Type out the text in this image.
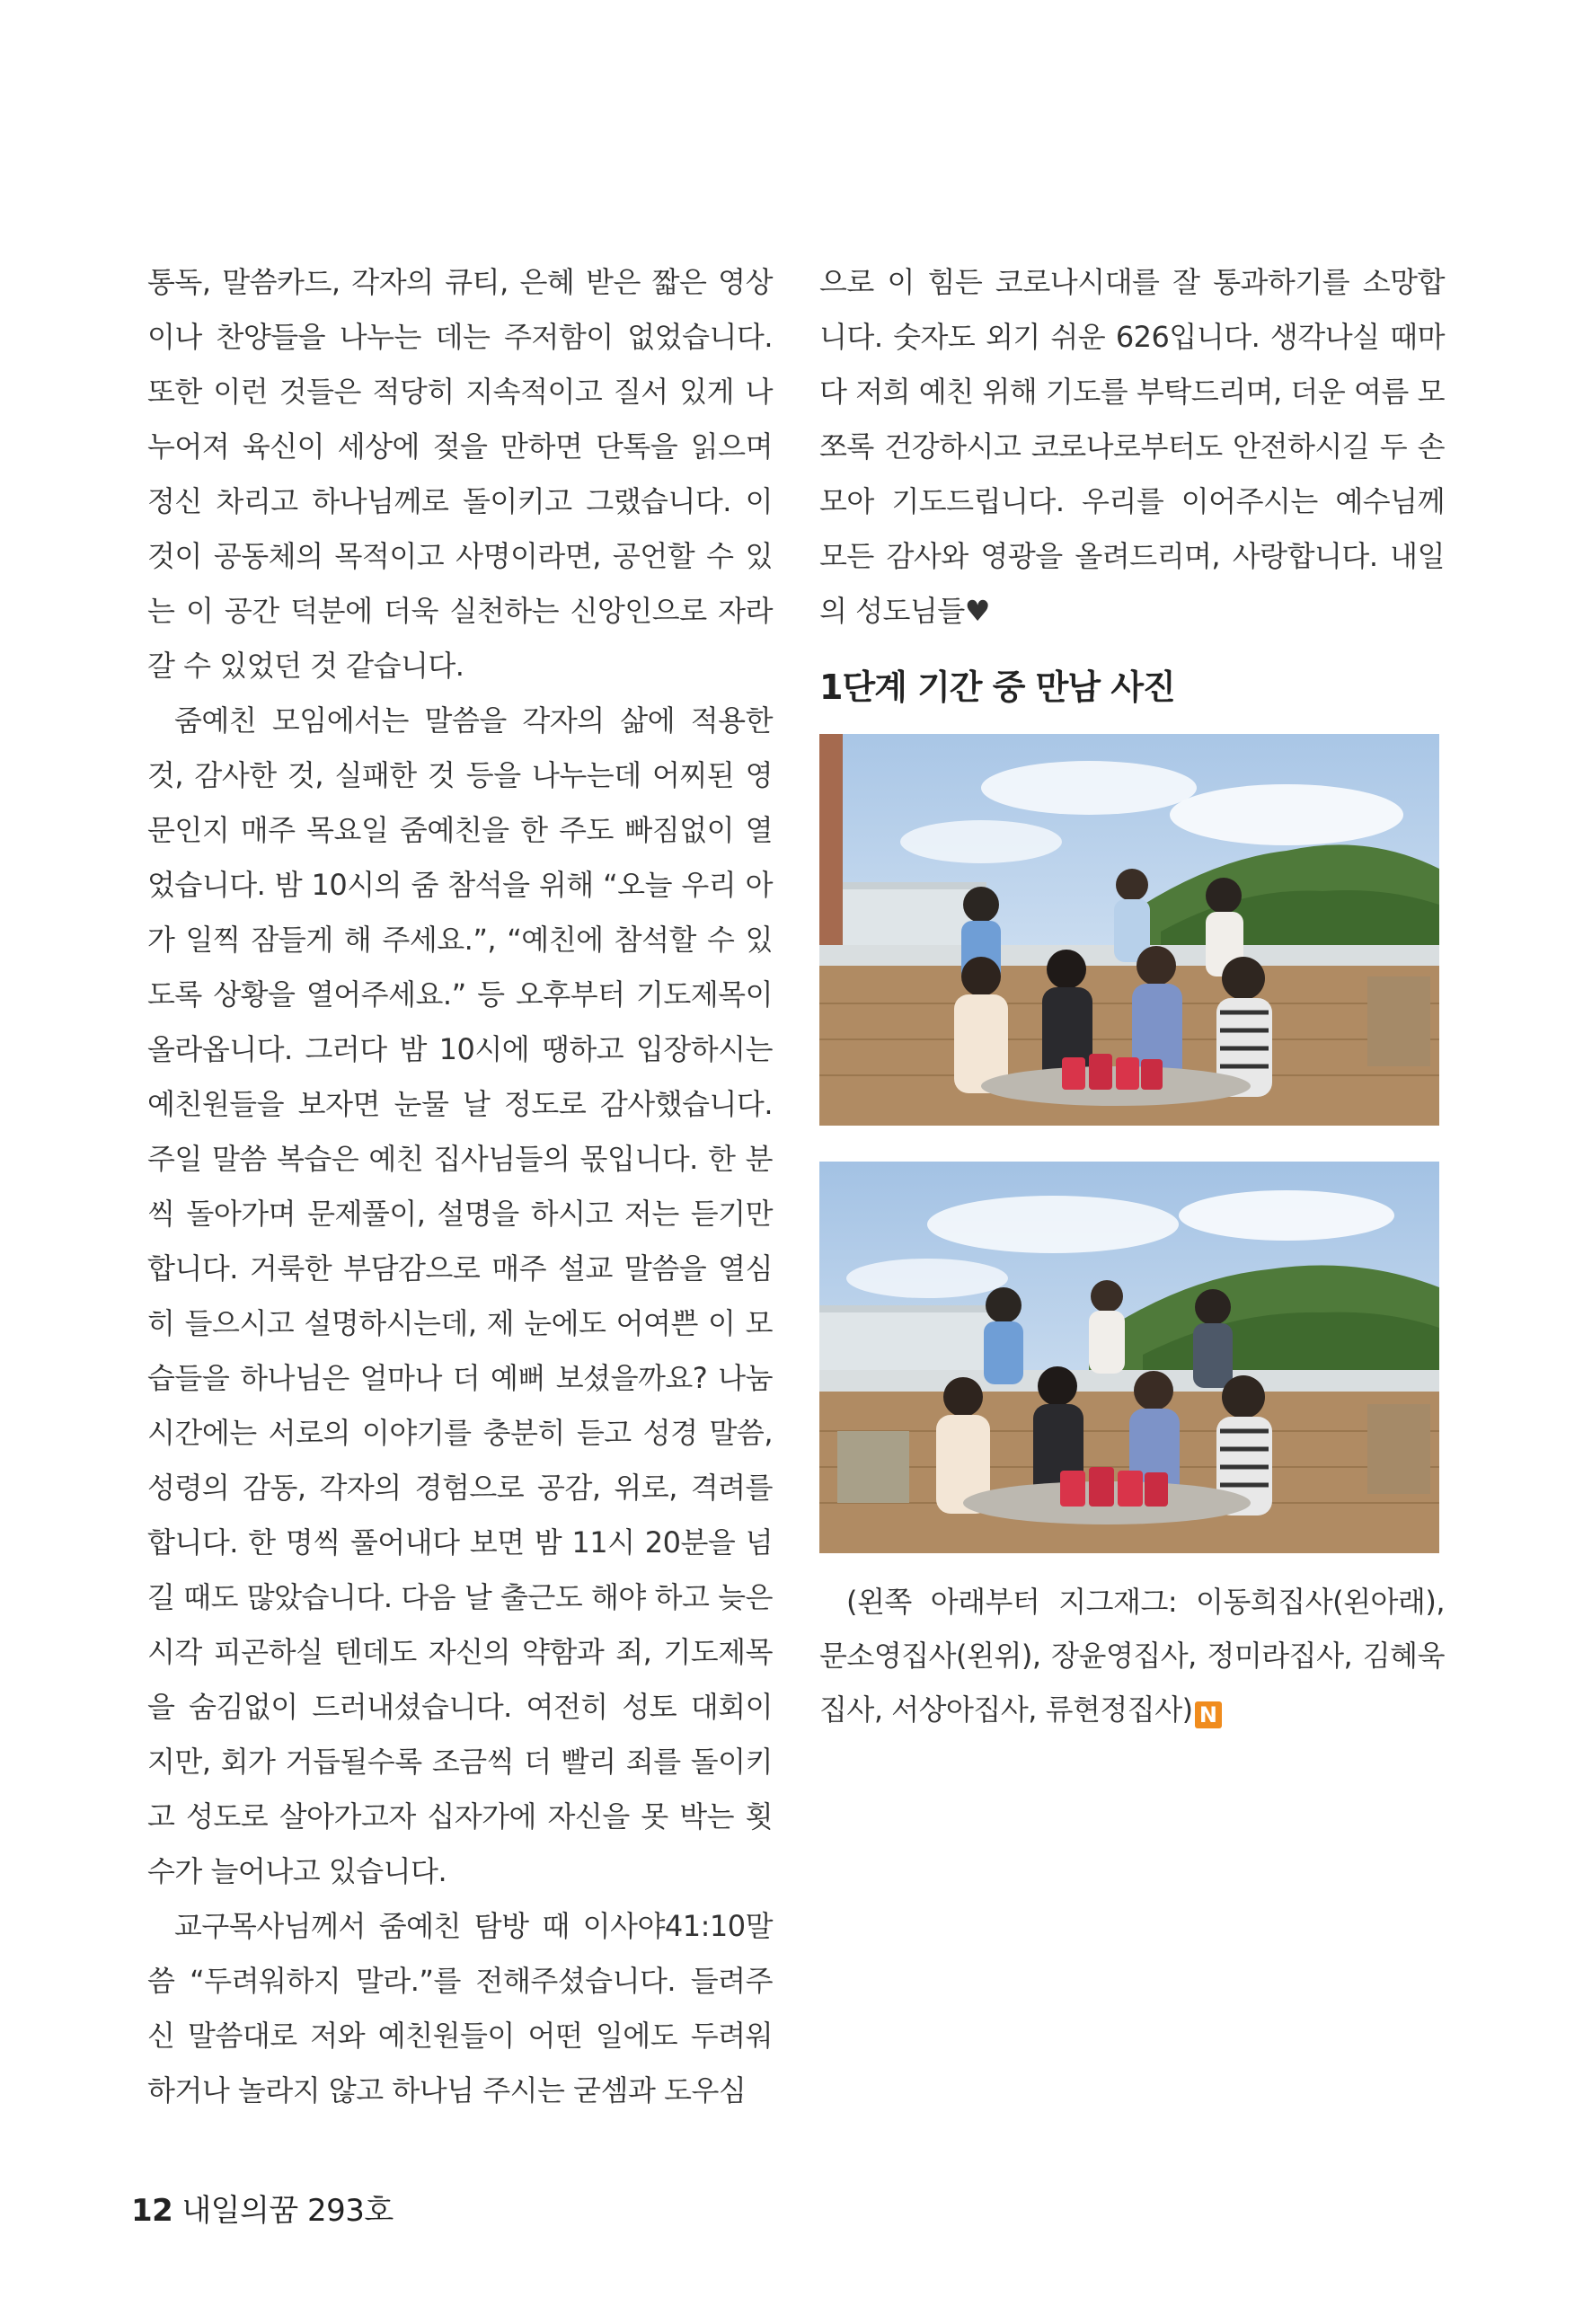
통독, 말씀카드, 각자의 큐티, 은혜 받은 짧은 영상이나 찬양들을 나누는 데는 주저함이 없었습니다. 또한 이런 것들은 적당히 지속적이고 질서 있게 나누어져 육신이 세상에 젖을 만하면 단톡을 읽으며 정신 차리고 하나님께로 돌이키고 그랬습니다. 이것이 공동체의 목적이고 사명이라면, 공언할 수 있는 이 공간 덕분에 더욱 실천하는 신앙인으로 자라갈 수 있었던 것 같습니다.

줌예친 모임에서는 말씀을 각자의 삶에 적용한 것, 감사한 것, 실패한 것 등을 나누는데 어찌된 영문인지 매주 목요일 줌예친을 한 주도 빠짐없이 열었습니다. 밤 10시의 줌 참석을 위해 “오늘 우리 아가 일찍 잠들게 해 주세요.”, “예친에 참석할 수 있도록 상황을 열어주세요.” 등 오후부터 기도제목이 올라옵니다. 그러다 밤 10시에 땡하고 입장하시는 예친원들을 보자면 눈물 날 정도로 감사했습니다. 주일 말씀 복습은 예친 집사님들의 몫입니다. 한 분씩 돌아가며 문제풀이, 설명을 하시고 저는 듣기만 합니다. 거룩한 부담감으로 매주 설교 말씀을 열심히 들으시고 설명하시는데, 제 눈에도 어여쁜 이 모습들을 하나님은 얼마나 더 예뻐 보셨을까요? 나눔 시간에는 서로의 이야기를 충분히 듣고 성경 말씀, 성령의 감동, 각자의 경험으로 공감, 위로, 격려를 합니다. 한 명씩 풀어내다 보면 밤 11시 20분을 넘길 때도 많았습니다. 다음 날 출근도 해야 하고 늦은 시각 피곤하실 텐데도 자신의 약함과 죄, 기도제목을 숨김없이 드러내셨습니다. 여전히 성토 대회이지만, 회가 거듭될수록 조금씩 더 빨리 죄를 돌이키고 성도로 살아가고자 십자가에 자신을 못 박는 횟수가 늘어나고 있습니다.

교구목사님께서 줌예친 탐방 때 이사야41:10말씀 “두려워하지 말라.”를 전해주셨습니다. 들려주신 말씀대로 저와 예친원들이 어떤 일에도 두려워하거나 놀라지 않고 하나님 주시는 굳셈과 도우심

으로 이 힘든 코로나시대를 잘 통과하기를 소망합니다. 숫자도 외기 쉬운 626입니다. 생각나실 때마다 저희 예친 위해 기도를 부탁드리며, 더운 여름 모쪼록 건강하시고 코로나로부터도 안전하시길 두 손 모아 기도드립니다. 우리를 이어주시는 예수님께 모든 감사와 영광을 올려드리며, 사랑합니다. 내일의 성도님들♥

1단계 기간 중 만남 사진

(왼쪽 아래부터 지그재그: 이동희집사(왼아래), 문소영집사(왼위), 장윤영집사, 정미라집사, 김혜욱집사, 서상아집사, 류현정집사) N

12 내일의꿈 293호
